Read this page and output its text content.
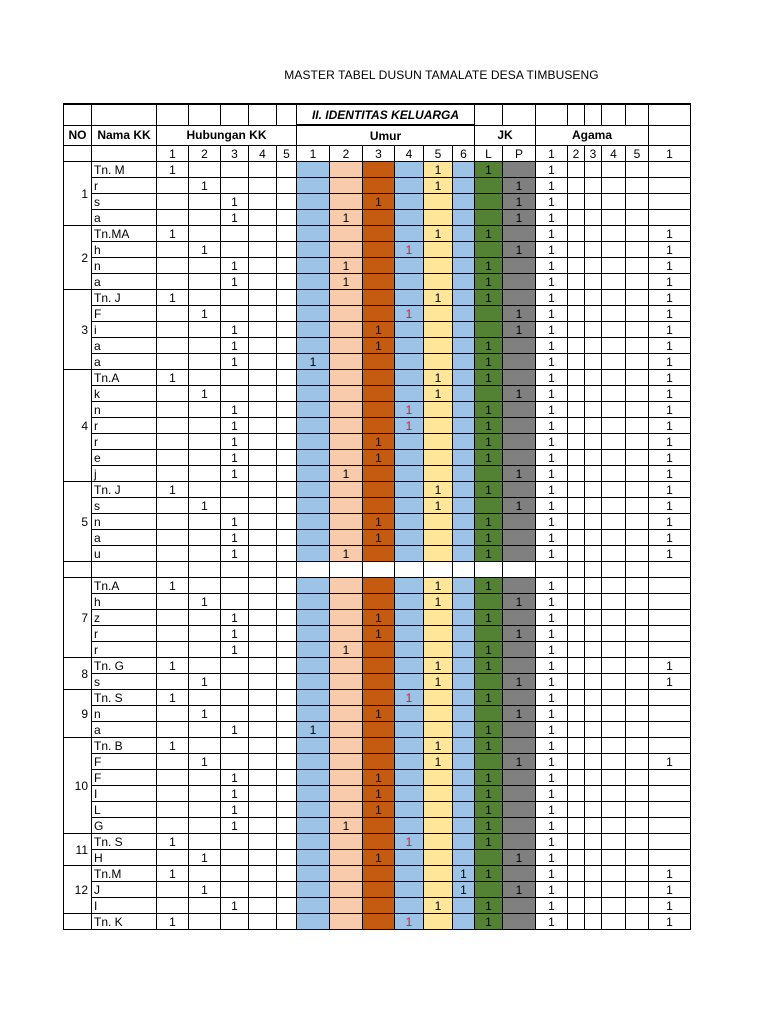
MASTER TABEL DUSUN TAMALATE DESA TIMBUSENG
							II. IDENTITAS KELUARGA													
NO	Nama KK	Hubungan KK					Umur						JK		Agama					
		1	2	3	4	5	1	2	3	4	5	6	L	P	1	2	3	4	5	1
1	Tn. M	1									1		1		1					
	r		1								1			1	1					
	s			1					1					1	1					
	a			1				1						1	1					
2	Tn.MA	1									1		1		1					1
	h		1							1				1	1					1
	n			1				1					1		1					1
	a			1				1					1		1					1
3	Tn. J	1									1		1		1					1
	F		1							1				1	1					1
	i			1					1					1	1					1
	a			1					1				1		1					1
	a			1			1						1		1					1
4	Tn.A	1									1		1		1					1
	k		1								1			1	1					1
	n			1						1			1		1					1
	r			1						1			1		1					1
	r			1					1				1		1					1
	e			1					1				1		1					1
	j			1				1						1	1					1
5	Tn. J	1									1		1		1					1
	s		1								1			1	1					1
	n			1					1				1		1					1
	a			1					1				1		1					1
	u			1				1					1		1					1

7	Tn.A	1									1		1		1					
	h		1								1			1	1					
	z			1					1				1		1					
	r			1					1					1	1					
	r			1				1					1		1					
8	Tn. G	1									1		1		1					1
	s		1								1			1	1					1
9	Tn. S	1								1			1		1					
	n		1						1					1	1					
	a			1			1						1		1					
10	Tn. B	1									1		1		1					
	F		1								1			1	1					1
	F			1					1				1		1					
	I			1					1				1		1					
	L			1					1				1		1					
	G			1				1					1		1					
11	Tn. S	1								1			1		1					
	H		1						1					1	1					
12	Tn.M	1										1	1		1					1
	J		1									1		1	1					1
	I			1							1		1		1					1
	Tn. K	1								1			1		1					1
